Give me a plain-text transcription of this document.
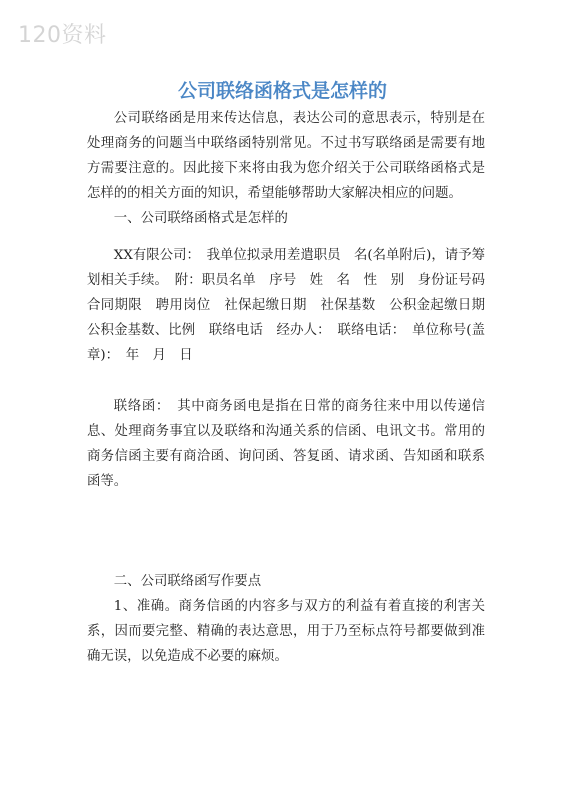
120资料
公司联络函格式是怎样的

公司联络函是用来传达信息，表达公司的意思表示，特别是在处理商务的问题当中联络函特别常见。不过书写联络函是需要有地方需要注意的。因此接下来将由我为您介绍关于公司联络函格式是怎样的的相关方面的知识，希望能够帮助大家解决相应的问题。

一、公司联络函格式是怎样的

XX有限公司：　我单位拟录用差遣职员　名(名单附后)，请予筹划相关手续。　附：职员名单　序号　姓　名　性　别　身份证号码　合同期限　聘用岗位　社保起缴日期　社保基数　公积金起缴日期　公积金基数、比例　联络电话　经办人：　联络电话：　单位称号(盖章)：　年　月　日

联络函：　其中商务函电是指在日常的商务往来中用以传递信息、处理商务事宜以及联络和沟通关系的信函、电讯文书。常用的商务信函主要有商洽函、询问函、答复函、请求函、告知函和联系函等。

二、公司联络函写作要点

1、准确。商务信函的内容多与双方的利益有着直接的利害关系，因而要完整、精确的表达意思，用于乃至标点符号都要做到准确无误，以免造成不必要的麻烦。
